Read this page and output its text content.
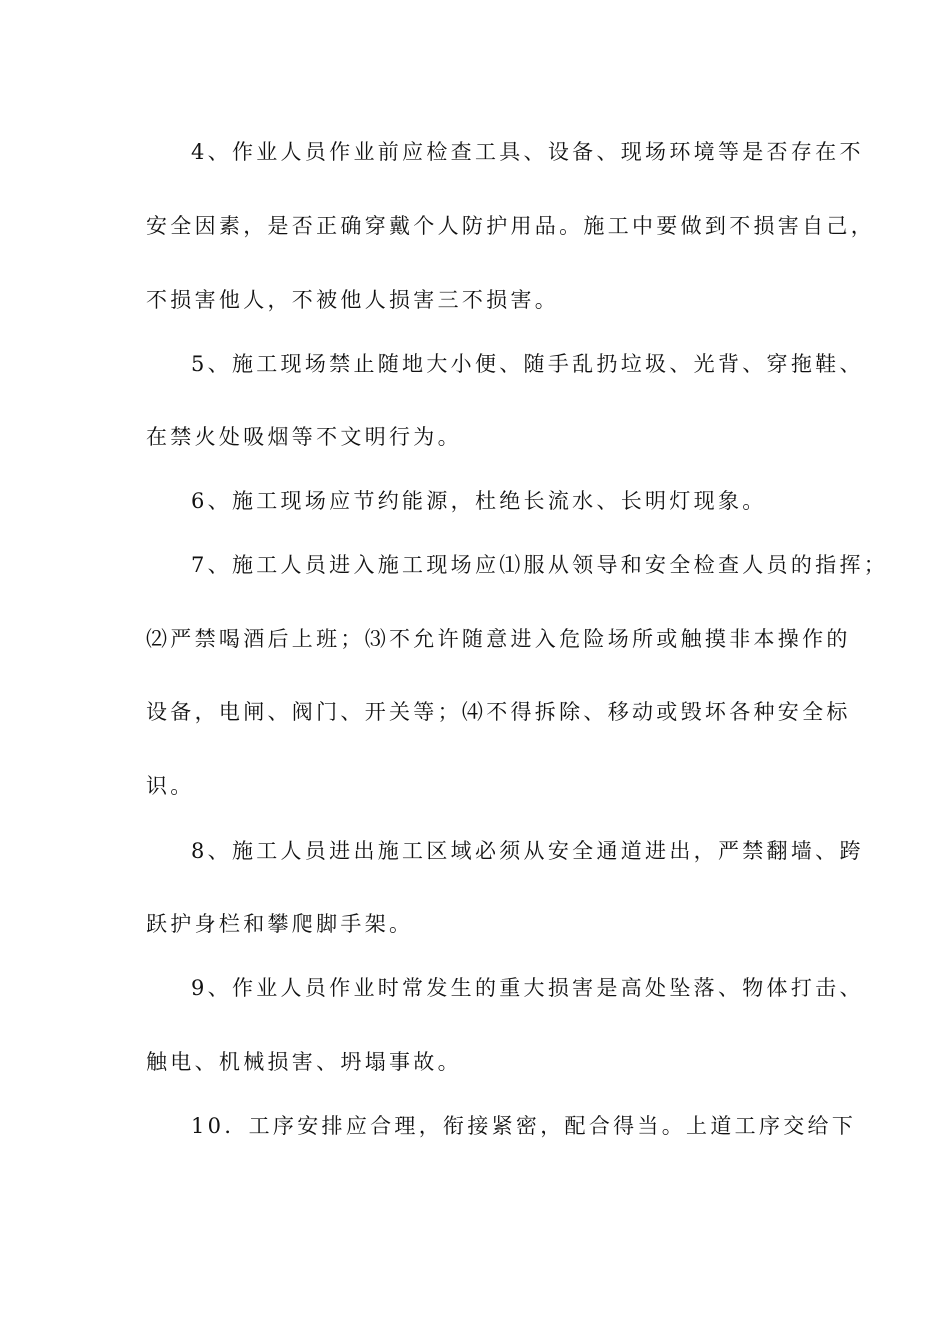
4、作业人员作业前应检查工具、设备、现场环境等是否存在不
安全因素，是否正确穿戴个人防护用品。施工中要做到不损害自己，
不损害他人，不被他人损害三不损害。
5、施工现场禁止随地大小便、随手乱扔垃圾、光背、穿拖鞋、
在禁火处吸烟等不文明行为。
6、施工现场应节约能源，杜绝长流水、长明灯现象。
7、施工人员进入施工现场应⑴服从领导和安全检查人员的指挥；
⑵严禁喝酒后上班；⑶不允许随意进入危险场所或触摸非本操作的
设备，电闸、阀门、开关等；⑷不得拆除、移动或毁坏各种安全标
识。
8、施工人员进出施工区域必须从安全通道进出，严禁翻墙、跨
跃护身栏和攀爬脚手架。
9、作业人员作业时常发生的重大损害是高处坠落、物体打击、
触电、机械损害、坍塌事故。
10．工序安排应合理，衔接紧密，配合得当。上道工序交给下
